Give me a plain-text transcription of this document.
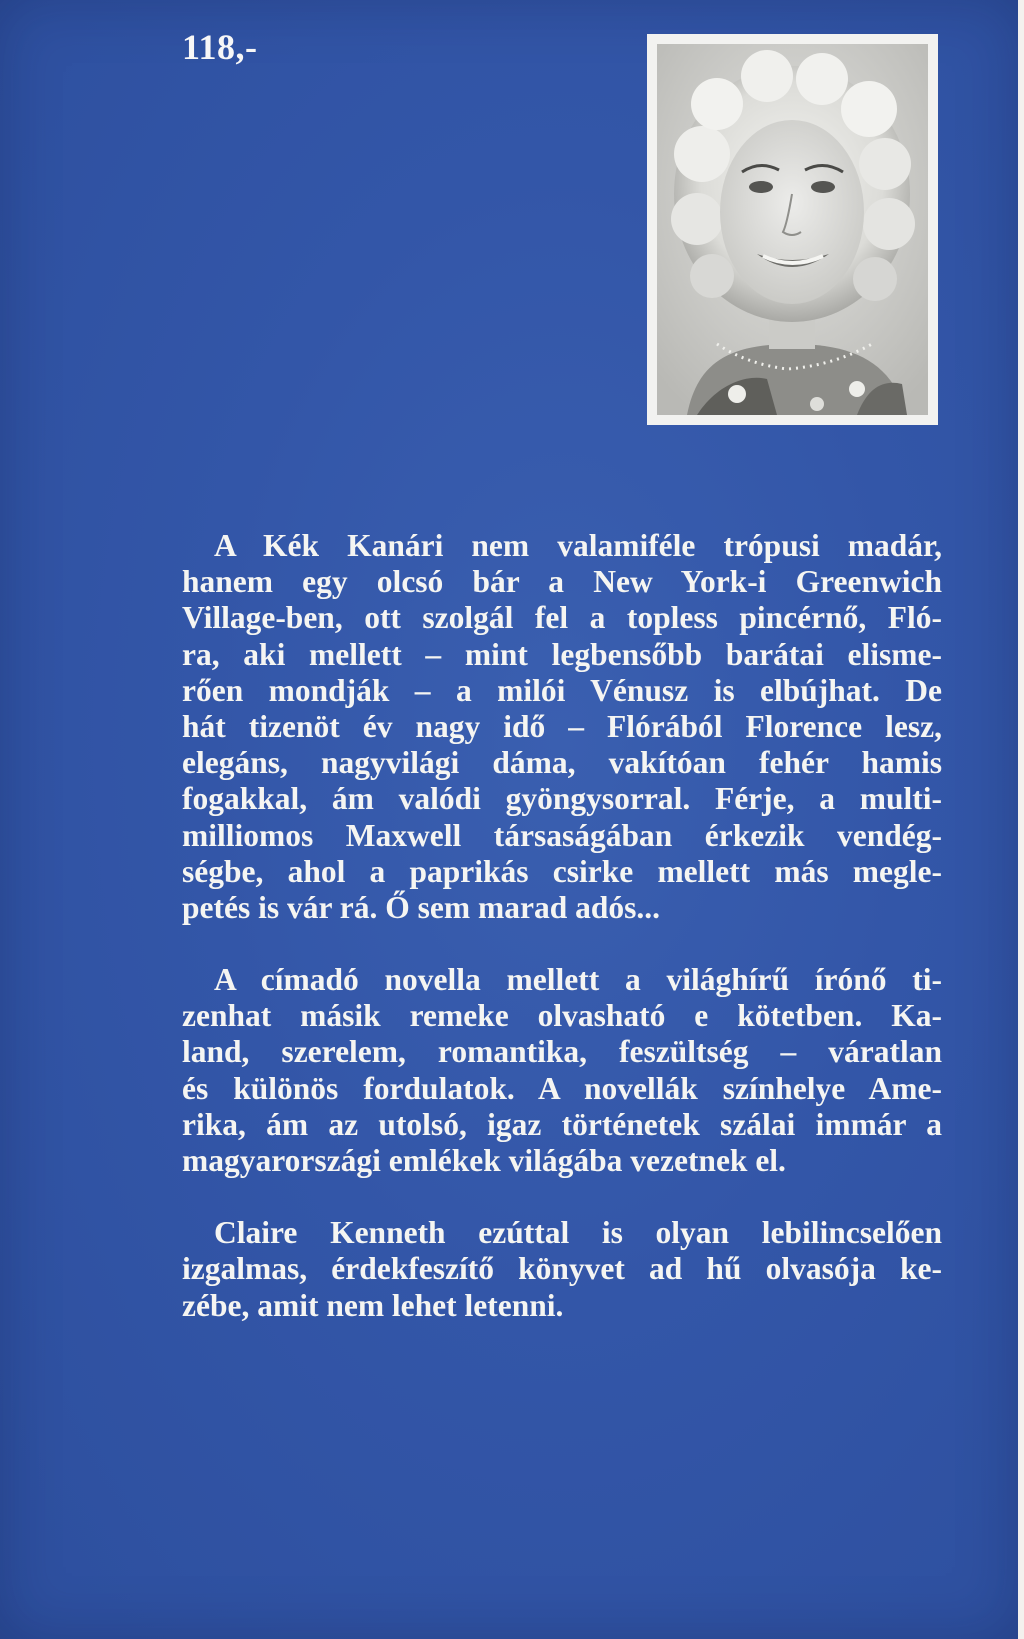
118,-
A Kék Kanári nem valamiféle trópusi madár,
hanem egy olcsó bár a New York-i Greenwich
Village-ben, ott szolgál fel a topless pincérnő, Fló-
ra, aki mellett – mint legbensőbb barátai elisme-
rően mondják – a milói Vénusz is elbújhat. De
hát tizenöt év nagy idő – Flórából Florence lesz,
elegáns, nagyvilági dáma, vakítóan fehér hamis
fogakkal, ám valódi gyöngysorral. Férje, a multi-
milliomos Maxwell társaságában érkezik vendég-
ségbe, ahol a paprikás csirke mellett más megle-
petés is vár rá. Ő sem marad adós...
A címadó novella mellett a világhírű írónő ti-
zenhat másik remeke olvasható e kötetben. Ka-
land, szerelem, romantika, feszültség – váratlan
és különös fordulatok. A novellák színhelye Ame-
rika, ám az utolsó, igaz történetek szálai immár a
magyarországi emlékek világába vezetnek el.
Claire Kenneth ezúttal is olyan lebilincselően
izgalmas, érdekfeszítő könyvet ad hű olvasója ke-
zébe, amit nem lehet letenni.
